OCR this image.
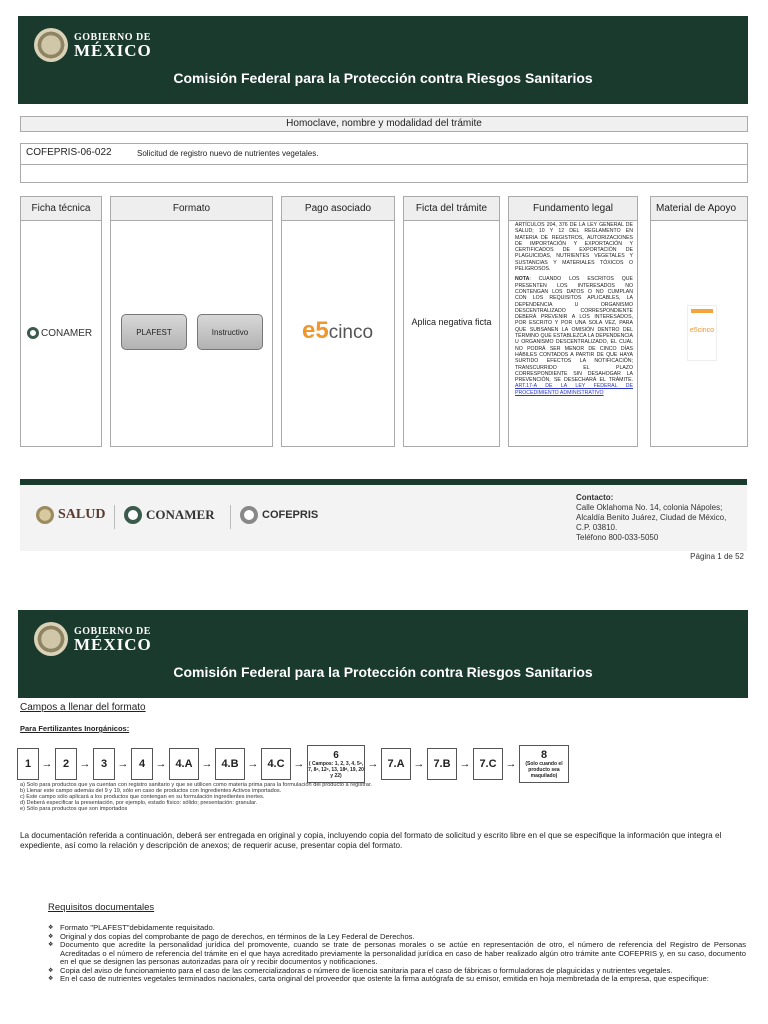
GOBIERNO DE
MÉXICO
Comisión Federal para la Protección contra Riesgos Sanitarios
Homoclave, nombre y modalidad del trámite
COFEPRIS-06-022	Solicitud de registro nuevo de nutrientes vegetales.
Ficha técnica
CONAMER
Formato
PLAFEST	Instructivo
Pago asociado
e5cinco
Ficta del trámite
Aplica negativa ficta
Fundamento legal

ARTÍCULOS 204, 376 DE LA LEY GENERAL DE SALUD; 10 Y 12 DEL REGLAMENTO EN MATERIA DE REGISTROS, AUTORIZACIONES DE IMPORTACIÓN Y EXPORTACIÓN Y CERTIFICADOS DE EXPORTACIÓN DE PLAGUICIDAS, NUTRIENTES VEGETALES Y SUSTANCIAS Y MATERIALES TÓXICOS O PELIGROSOS.

NOTA: CUANDO LOS ESCRITOS QUE PRESENTEN LOS INTERESADOS NO CONTENGAN LOS DATOS O NO CUMPLAN CON LOS REQUISITOS APLICABLES, LA DEPENDENCIA U ORGANISMO DESCENTRALIZADO CORRESPONDIENTE DEBERÁ PREVENIR A LOS INTERESADOS, POR ESCRITO Y POR UNA SOLA VEZ, PARA QUE SUBSANEN LA OMISIÓN DENTRO DEL TÉRMINO QUE ESTABLEZCA LA DEPENDENCIA U ORGANISMO DESCENTRALIZADO, EL CUAL NO PODRÁ SER MENOR DE CINCO DÍAS HÁBILES CONTADOS A PARTIR DE QUE HAYA SURTIDO EFECTOS LA NOTIFICACIÓN; TRANSCURRIDO EL PLAZO CORRESPONDIENTE SIN DESAHOGAR LA PREVENCIÓN, SE DESECHARÁ EL TRÁMITE. ART.17-A DE LA LEY FEDERAL DE PROCEDIMIENTO ADMINISTRATIVO

Material de Apoyo
e5cinco
SALUD	CONAMER	COFEPRIS
Contacto:
Calle Oklahoma No. 14, colonia Nápoles;
Alcaldía Benito Juárez, Ciudad de México,
C.P. 03810.
Teléfono 800-033-5050
Página 1 de 52
GOBIERNO DE
MÉXICO
Comisión Federal para la Protección contra Riesgos Sanitarios
Campos a llenar del formato
Para Fertilizantes Inorgánicos:
1 → 2 → 3 → 4 → 4.A → 4.B → 4.C →
6
( Campos: 1, 2, 3, 4, 5ᵃ, 7, 8ᵃ, 12ᵃ, 13, 18ᵈ, 19, 20 y 22)
→ 7.A → 7.B → 7.C →
8
(Solo cuando el producto sea maquilado)
a) Solo para productos que ya cuentan con registro sanitario y que se utilicen como materia prima para la formulación del producto a registrar.
b) Llenar este campo además del 9 y 19, sólo en caso de productos con Ingredientes Activos importados.
c) Este campo sólo aplicará a los productos que contengan en su formulación ingredientes inertes.
d) Deberá especificar la presentación, por ejemplo, estado físico: sólido; presentación: granular.
e) Sólo para productos que son importados
La documentación referida a continuación, deberá ser entregada en original y copia, incluyendo copia del formato de solicitud y escrito libre en el que se especifique la información que integra el expediente, así como la relación y descripción de anexos; de requerir acuse, presentar copia del formato.
Requisitos documentales
❖ Formato "PLAFEST"debidamente requisitado.
❖ Original y dos copias del comprobante de pago de derechos, en términos de la Ley Federal de Derechos.
❖ Documento que acredite la personalidad jurídica del promovente, cuando se trate de personas morales o se actúe en representación de otro, el número de referencia del Registro de Personas Acreditadas o el número de referencia del trámite en el que haya acreditado previamente la personalidad jurídica en caso de haber realizado algún otro trámite ante COFEPRIS y, en su caso, documento en el que se designen las personas autorizadas para oír y recibir documentos y notificaciones.
❖ Copia del aviso de funcionamiento para el caso de las comercializadoras o número de licencia sanitaria para el caso de fábricas o formuladoras de plaguicidas y nutrientes vegetales.
❖ En el caso de nutrientes vegetales terminados nacionales, carta original del proveedor que ostente la firma autógrafa de su emisor, emitida en hoja membretada de la empresa, que especifique:
